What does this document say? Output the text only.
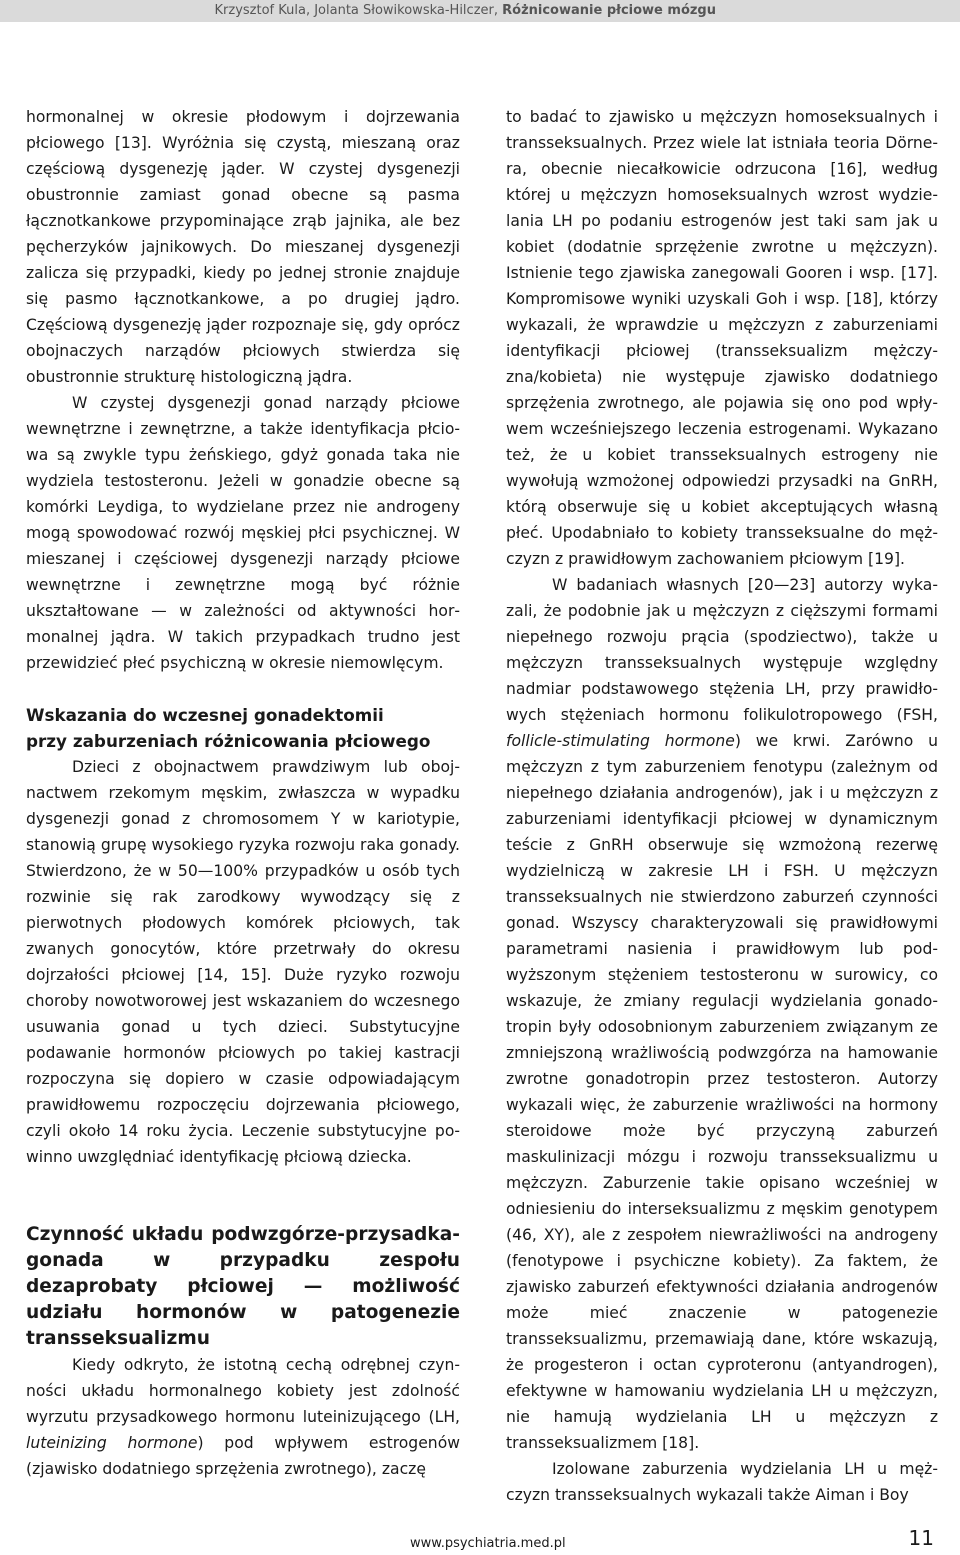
Krzysztof Kula, Jolanta Słowikowska-Hilczer, Różnicowanie płciowe mózgu

hormonalnej w okresie płodowym i dojrzewania płciowego [13]. Wyróżnia się czystą, mieszaną oraz częściową dysgenezję jąder. W czystej dysgenezji obustronnie zamiast gonad obecne są pasma łącznotkankowe przypominające zrąb jajnika, ale bez pęcherzyków jajnikowych. Do mieszanej dysgenezji zalicza się przypadki, kiedy po jednej stronie znajduje się pasmo łącznotkankowe, a po drugiej jądro. Częściową dysgenezję jąder rozpoznaje się, gdy oprócz obojnaczych narządów płciowych stwierdza się obustronnie strukturę histologiczną jądra.

W czystej dysgenezji gonad narządy płciowe wewnętrzne i zewnętrzne, a także identyfikacja płciowa są zwykle typu żeńskiego, gdyż gonada taka nie wydziela testosteronu. Jeżeli w gonadzie obecne są komórki Leydiga, to wydzielane przez nie androgeny mogą spowodować rozwój męskiej płci psychicznej. W mieszanej i częściowej dysgenezji narządy płciowe wewnętrzne i zewnętrzne mogą być różnie ukształtowane — w zależności od aktywności hormonalnej jądra. W takich przypadkach trudno jest przewidzieć płeć psychiczną w okresie niemowlęcym.

Wskazania do wczesnej gonadektomii
przy zaburzeniach różnicowania płciowego

Dzieci z obojnactwem prawdziwym lub obojnactwem rzekomym męskim, zwłaszcza w wypadku dysgenezji gonad z chromosomem Y w kariotypie, stanowią grupę wysokiego ryzyka rozwoju raka gonady. Stwierdzono, że w 50—100% przypadków u osób tych rozwinie się rak zarodkowy wywodzący się z pierwotnych płodowych komórek płciowych, tak zwanych gonocytów, które przetrwały do okresu dojrzałości płciowej [14, 15]. Duże ryzyko rozwoju choroby nowotworowej jest wskazaniem do wczesnego usuwania gonad u tych dzieci. Substytucyjne podawanie hormonów płciowych po takiej kastracji rozpoczyna się dopiero w czasie odpowiadającym prawidłowemu rozpoczęciu dojrzewania płciowego, czyli około 14 roku życia. Leczenie substytucyjne powinno uwzględniać identyfikację płciową dziecka.

Czynność układu podwzgórze-przysadka-gonada w przypadku zespołu dezaprobaty płciowej — możliwość udziału hormonów w patogenezie transseksualizmu

Kiedy odkryto, że istotną cechą odrębnej czynności układu hormonalnego kobiety jest zdolność wyrzutu przysadkowego hormonu luteinizującego (LH, luteinizing hormone) pod wpływem estrogenów (zjawisko dodatniego sprzężenia zwrotnego), zaczę

to badać to zjawisko u mężczyzn homoseksualnych i transseksualnych. Przez wiele lat istniała teoria Dörnera, obecnie niecałkowicie odrzucona [16], według której u mężczyzn homoseksualnych wzrost wydzielania LH po podaniu estrogenów jest taki sam jak u kobiet (dodatnie sprzężenie zwrotne u mężczyzn). Istnienie tego zjawiska zanegowali Gooren i wsp. [17]. Kompromisowe wyniki uzyskali Goh i wsp. [18], którzy wykazali, że wprawdzie u mężczyzn z zaburzeniami identyfikacji płciowej (transseksualizm mężczyzna/kobieta) nie występuje zjawisko dodatniego sprzężenia zwrotnego, ale pojawia się ono pod wpływem wcześniejszego leczenia estrogenami. Wykazano też, że u kobiet transseksualnych estrogeny nie wywołują wzmożonej odpowiedzi przysadki na GnRH, którą obserwuje się u kobiet akceptujących własną płeć. Upodabniało to kobiety transseksualne do mężczyzn z prawidłowym zachowaniem płciowym [19].

W badaniach własnych [20—23] autorzy wykazali, że podobnie jak u mężczyzn z cięższymi formami niepełnego rozwoju prącia (spodziectwo), także u mężczyzn transseksualnych występuje względny nadmiar podstawowego stężenia LH, przy prawidłowych stężeniach hormonu folikulotropowego (FSH, follicle-stimulating hormone) we krwi. Zarówno u mężczyzn z tym zaburzeniem fenotypu (zależnym od niepełnego działania androgenów), jak i u mężczyzn z zaburzeniami identyfikacji płciowej w dynamicznym teście z GnRH obserwuje się wzmożoną rezerwę wydzielniczą w zakresie LH i FSH. U mężczyzn transseksualnych nie stwierdzono zaburzeń czynności gonad. Wszyscy charakteryzowali się prawidłowymi parametrami nasienia i prawidłowym lub podwyższonym stężeniem testosteronu w surowicy, co wskazuje, że zmiany regulacji wydzielania gonadotropin były odosobnionym zaburzeniem związanym ze zmniejszoną wrażliwością podwzgórza na hamowanie zwrotne gonadotropin przez testosteron. Autorzy wykazali więc, że zaburzenie wrażliwości na hormony steroidowe może być przyczyną zaburzeń maskulinizacji mózgu i rozwoju transseksualizmu u mężczyzn. Zaburzenie takie opisano wcześniej w odniesieniu do interseksualizmu z męskim genotypem (46, XY), ale z zespołem niewrażliwości na androgeny (fenotypowe i psychiczne kobiety). Za faktem, że zjawisko zaburzeń efektywności działania androgenów może mieć znaczenie w patogenezie transseksualizmu, przemawiają dane, które wskazują, że progesteron i octan cyproteronu (antyandrogen), efektywne w hamowaniu wydzielania LH u mężczyzn, nie hamują wydzielania LH u mężczyzn z transseksualizmem [18].

Izolowane zaburzenia wydzielania LH u mężczyzn transseksualnych wykazali także Aiman i Boy

www.psychiatria.med.pl	11
